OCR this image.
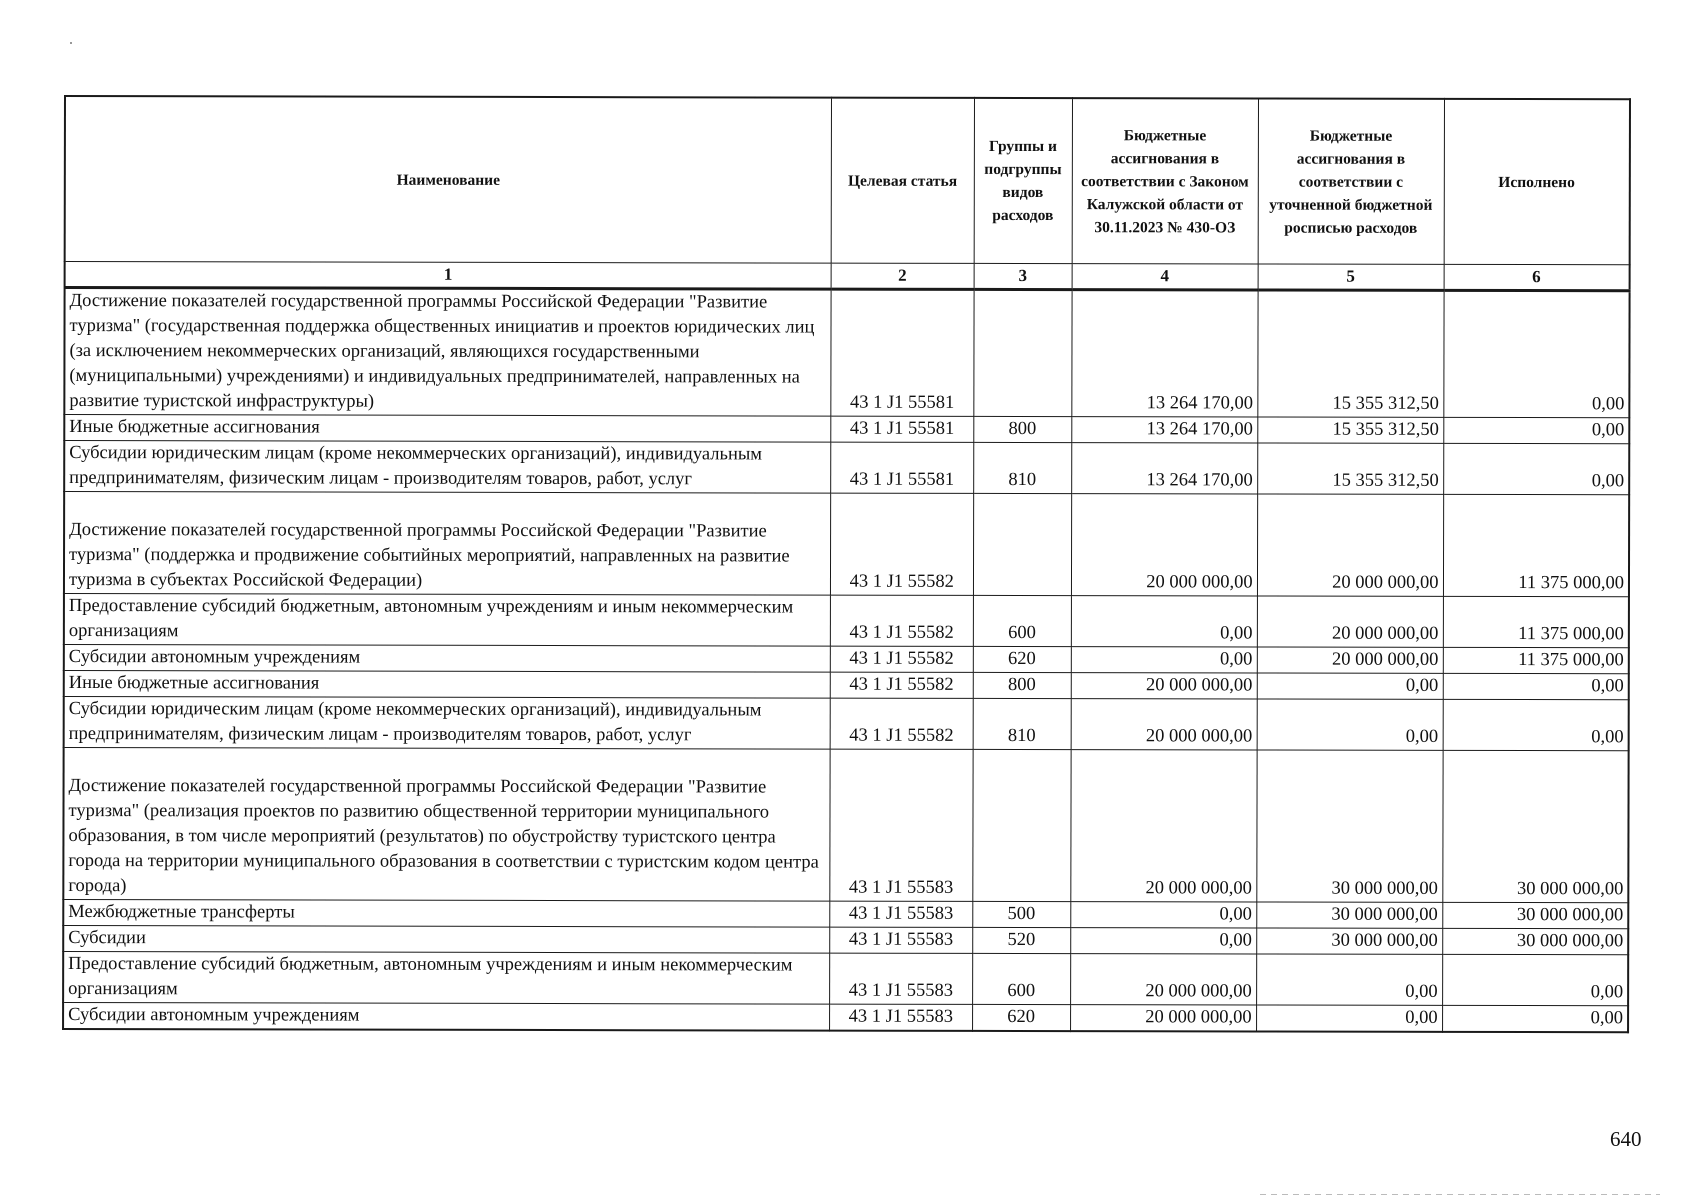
Наименование	Целевая статья	Группы и подгруппы видов расходов	Бюджетные ассигнования в соответствии с Законом Калужской области от 30.11.2023 № 430-ОЗ	Бюджетные ассигнования в соответствии с уточненной бюджетной росписью расходов	Исполнено
1	2	3	4	5	6
Достижение показателей государственной программы Российской Федерации "Развитие туризма" (государственная поддержка общественных инициатив и проектов юридических лиц (за исключением некоммерческих организаций, являющихся государственными (муниципальными) учреждениями) и индивидуальных предпринимателей, направленных на развитие туристской инфраструктуры)	43 1 J1 55581		13 264 170,00	15 355 312,50	0,00
Иные бюджетные ассигнования	43 1 J1 55581	800	13 264 170,00	15 355 312,50	0,00
Субсидии юридическим лицам (кроме некоммерческих организаций), индивидуальным предпринимателям, физическим лицам - производителям товаров, работ, услуг	43 1 J1 55581	810	13 264 170,00	15 355 312,50	0,00
Достижение показателей государственной программы Российской Федерации "Развитие туризма" (поддержка и продвижение событийных мероприятий, направленных на развитие туризма в субъектах Российской Федерации)	43 1 J1 55582		20 000 000,00	20 000 000,00	11 375 000,00
Предоставление субсидий бюджетным, автономным учреждениям и иным некоммерческим организациям	43 1 J1 55582	600	0,00	20 000 000,00	11 375 000,00
Субсидии автономным учреждениям	43 1 J1 55582	620	0,00	20 000 000,00	11 375 000,00
Иные бюджетные ассигнования	43 1 J1 55582	800	20 000 000,00	0,00	0,00
Субсидии юридическим лицам (кроме некоммерческих организаций), индивидуальным предпринимателям, физическим лицам - производителям товаров, работ, услуг	43 1 J1 55582	810	20 000 000,00	0,00	0,00
Достижение показателей государственной программы Российской Федерации "Развитие туризма" (реализация проектов по развитию общественной территории муниципального образования, в том числе мероприятий (результатов) по обустройству туристского центра города на территории муниципального образования в соответствии с туристским кодом центра города)	43 1 J1 55583		20 000 000,00	30 000 000,00	30 000 000,00
Межбюджетные трансферты	43 1 J1 55583	500	0,00	30 000 000,00	30 000 000,00
Субсидии	43 1 J1 55583	520	0,00	30 000 000,00	30 000 000,00
Предоставление субсидий бюджетным, автономным учреждениям и иным некоммерческим организациям	43 1 J1 55583	600	20 000 000,00	0,00	0,00
Субсидии автономным учреждениям	43 1 J1 55583	620	20 000 000,00	0,00	0,00
640
